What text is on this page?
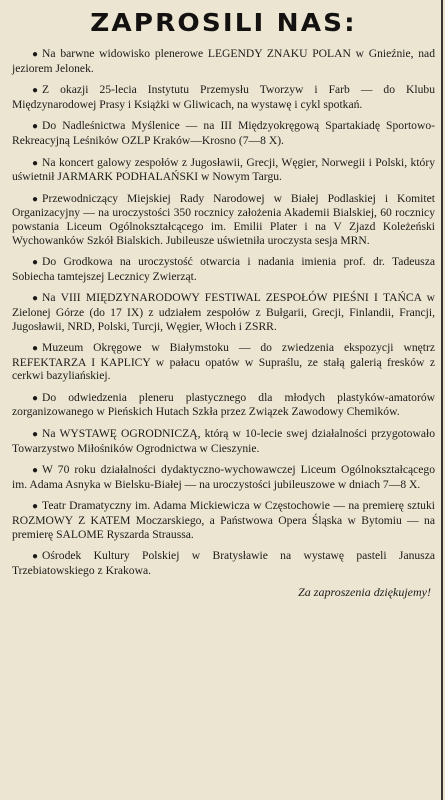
ZAPROSILI NAS:

● Na barwne widowisko plenerowe LEGENDY ZNAKU POLAN w Gnieźnie, nad jeziorem Jelonek.

● Z okazji 25-lecia Instytutu Przemysłu Tworzyw i Farb — do Klubu Międzynarodowej Prasy i Książki w Gliwicach, na wystawę i cykl spotkań.

● Do Nadleśnictwa Myślenice — na III Międzyokręgową Spartakiadę Sportowo-Rekreacyjną Leśników OZLP Kraków—Krosno (7—8 X).

● Na koncert galowy zespołów z Jugosławii, Grecji, Węgier, Norwegii i Polski, który uświetnił JARMARK PODHALAŃSKI w Nowym Targu.

● Przewodniczący Miejskiej Rady Narodowej w Białej Podlaskiej i Komitet Organizacyjny — na uroczystości 350 rocznicy założenia Akademii Bialskiej, 60 rocznicy powstania Liceum Ogólnokształcącego im. Emilii Plater i na V Zjazd Koleżeński Wychowanków Szkół Bialskich. Jubileusze uświetniła uroczysta sesja MRN.

● Do Grodkowa na uroczystość otwarcia i nadania imienia prof. dr. Tadeusza Sobiecha tamtejszej Lecznicy Zwierząt.

● Na VIII MIĘDZYNARODOWY FESTIWAL ZESPOŁÓW PIEŚNI I TAŃCA w Zielonej Górze (do 17 IX) z udziałem zespołów z Bułgarii, Grecji, Finlandii, Francji, Jugosławii, NRD, Polski, Turcji, Węgier, Włoch i ZSRR.

● Muzeum Okręgowe w Białymstoku — do zwiedzenia ekspozycji wnętrz REFEKTARZA I KAPLICY w pałacu opatów w Supraślu, ze stałą galerią fresków z cerkwi bazyliańskiej.

● Do odwiedzenia pleneru plastycznego dla młodych plastyków-amatorów zorganizowanego w Pieńskich Hutach Szkła przez Związek Zawodowy Chemików.

● Na WYSTAWĘ OGRODNICZĄ, którą w 10-lecie swej działalności przygotowało Towarzystwo Miłośników Ogrodnictwa w Cieszynie.

● W 70 roku działalności dydaktyczno-wychowawczej Liceum Ogólnokształcącego im. Adama Asnyka w Bielsku-Białej — na uroczystości jubileuszowe w dniach 7—8 X.

● Teatr Dramatyczny im. Adama Mickiewicza w Częstochowie — na premierę sztuki ROZMOWY Z KATEM Moczarskiego, a Państwowa Opera Śląska w Bytomiu — na premierę SALOME Ryszarda Straussa.

● Ośrodek Kultury Polskiej w Bratysławie na wystawę pasteli Janusza Trzebiatowskiego z Krakowa.

Za zaproszenia dziękujemy!
